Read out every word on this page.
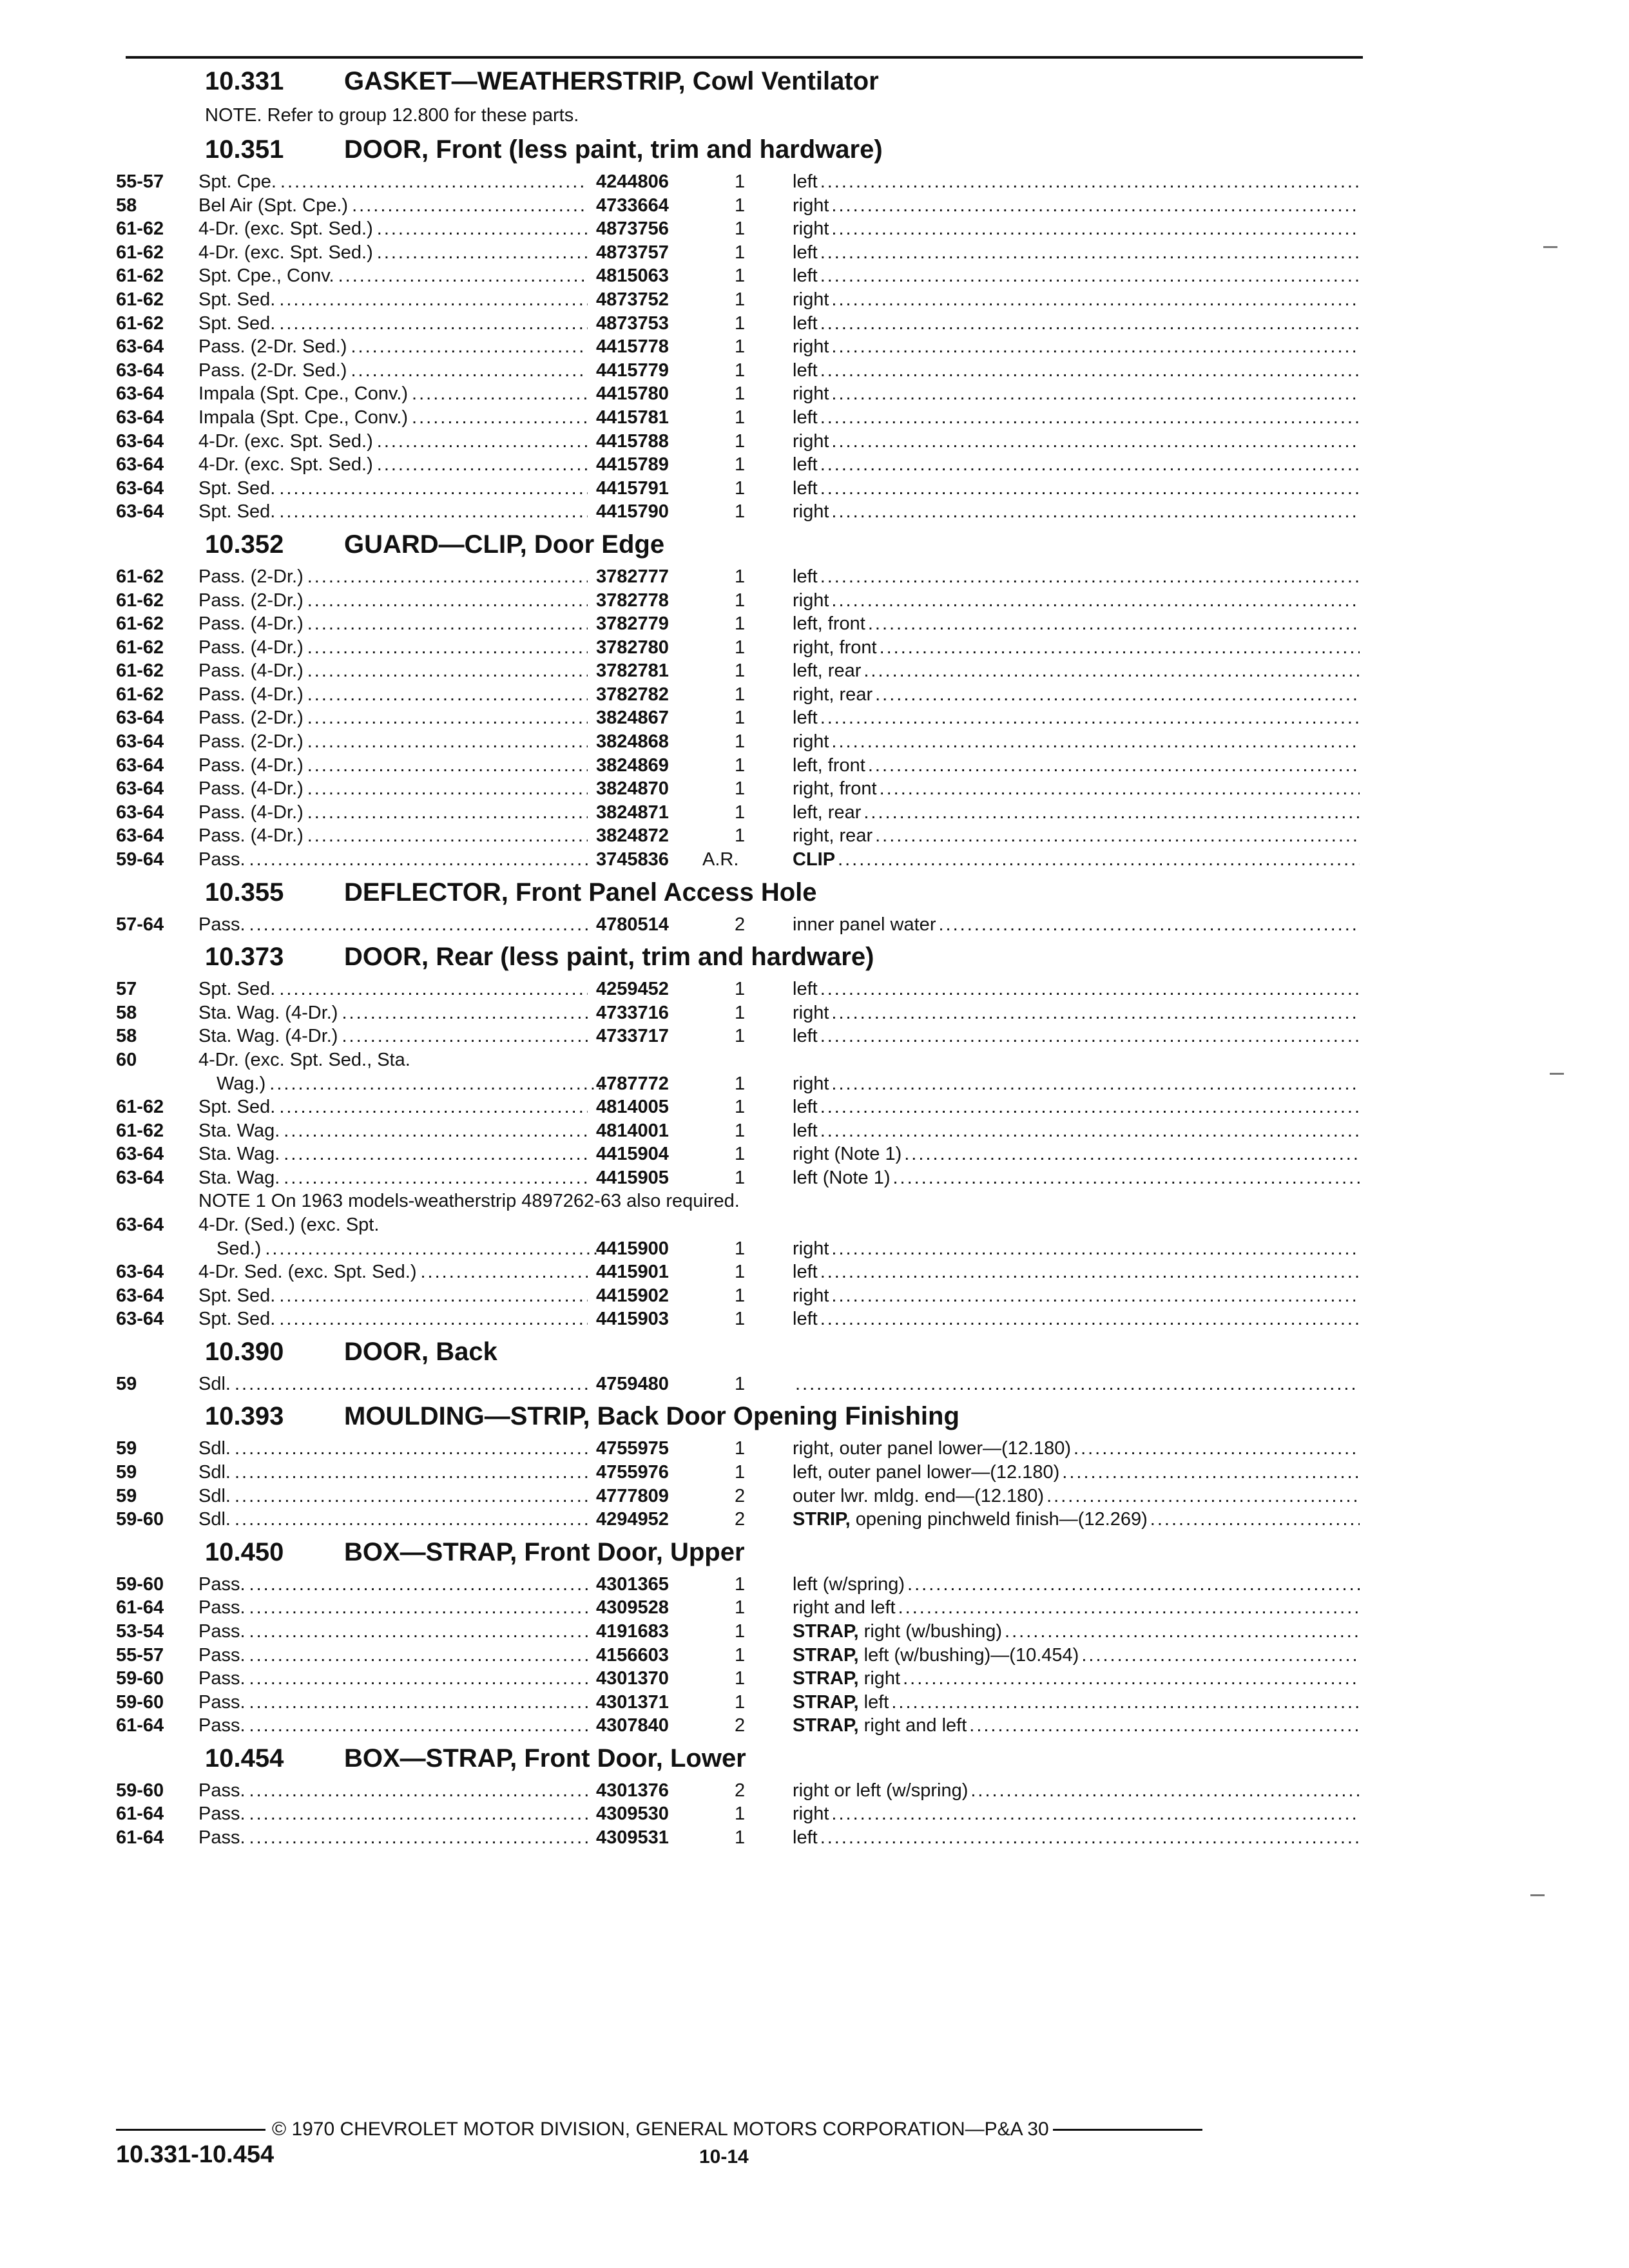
10.331 GASKET—WEATHERSTRIP, Cowl Ventilator
NOTE. Refer to group 12.800 for these parts.
10.351 DOOR, Front (less paint, trim and hardware)
55-57 Spt. Cpe. .....	4244806	1	left
.....
58	Bel Air (Spt. Cpe.) .....	4733664	1	right
.....
61-62 4-Dr. (exc. Spt. Sed.) .....	4873756	1	right
.....
61-62 4-Dr. (exc. Spt. Sed.) .....	4873757	1	left
.....
61-62 Spt. Cpe., Conv. .....	4815063	1	left
.....
61-62 Spt. Sed. .....	4873752	1	right
.....
61-62 Spt. Sed. .....	4873753	1	left
.....
63-64 Pass. (2-Dr. Sed.) .....	4415778	1	right
.....
63-64 Pass. (2-Dr. Sed.) .....	4415779	1	left
.....
63-64 Impala (Spt. Cpe., Conv.) .....	4415780	1	right
.....
63-64 Impala (Spt. Cpe., Conv.) .....	4415781	1	left
.....
63-64 4-Dr. (exc. Spt. Sed.) .....	4415788	1	right
.....
63-64 4-Dr. (exc. Spt. Sed.) .....	4415789	1	left
.....
63-64 Spt. Sed. .....	4415791	1	left
.....
63-64 Spt. Sed. .....	4415790	1	right
.....
10.352 GUARD—CLIP, Door Edge
61-62 Pass. (2-Dr.) .....	3782777	1	left
.....
61-62 Pass. (2-Dr.) .....	3782778	1	right
.....
61-62 Pass. (4-Dr.) .....	3782779	1	left, front
.....
61-62 Pass. (4-Dr.) .....	3782780	1	right, front
.....
61-62 Pass. (4-Dr.) .....	3782781	1	left, rear
.....
61-62 Pass. (4-Dr.) .....	3782782	1	right, rear
.....
63-64 Pass. (2-Dr.) .....	3824867	1	left
.....
63-64 Pass. (2-Dr.) .....	3824868	1	right
.....
63-64 Pass. (4-Dr.) .....	3824869	1	left, front
.....
63-64 Pass. (4-Dr.) .....	3824870	1	right, front
.....
63-64 Pass. (4-Dr.) .....	3824871	1	left, rear
.....
63-64 Pass. (4-Dr.) .....	3824872	1	right, rear
.....
59-64 Pass. .....	3745836 A.R.	CLIP
.....
10.355 DEFLECTOR, Front Panel Access Hole
57-64 Pass. .....	4780514	2	inner panel water
.....
10.373 DOOR, Rear (less paint, trim and hardware)
57	Spt. Sed. .....	4259452	1	left
.....
58	Sta. Wag. (4-Dr.) .....	4733716	1	right
.....
58	Sta. Wag. (4-Dr.) .....	4733717	1	left
.....
60	4-Dr. (exc. Spt. Sed., Sta.
Wag.) .....	4787772	1	right
.....
61-62 Spt. Sed. .....	4814005	1	left
.....
61-62 Sta. Wag. .....	4814001	1	left
.....
63-64 Sta. Wag. .....	4415904	1	right (Note 1)
.....
63-64 Sta. Wag. .....	4415905	1	left (Note 1)
.....
NOTE 1 On 1963 models-weatherstrip 4897262-63 also required.
63-64 4-Dr. (Sed.) (exc. Spt.
Sed.) .....	4415900	1	right
.....
63-64 4-Dr. Sed. (exc. Spt. Sed.) .....	4415901	1	left
.....
63-64 Spt. Sed. .....	4415902	1	right
.....
63-64 Spt. Sed. .....	4415903	1	left
.....
10.390 DOOR, Back
59	Sdl. .....	4759480	1
.....
10.393 MOULDING—STRIP, Back Door Opening Finishing
59	Sdl. .....	4755975	1	right, outer panel lower—(12.180)
.....
59	Sdl. .....	4755976	1	left, outer panel lower—(12.180)
.....
59	Sdl. .....	4777809	2	outer lwr. mldg. end—(12.180)
.....
59-60 Sdl. .....	4294952	2	STRIP, opening pinchweld finish—(12.269)
.....
10.450 BOX—STRAP, Front Door, Upper
59-60 Pass. .....	4301365	1	left (w/spring)
.....
61-64 Pass. .....	4309528	1	right and left
.....
53-54 Pass. .....	4191683	1	STRAP, right (w/bushing)
.....
55-57 Pass. .....	4156603	1	STRAP, left (w/bushing)—(10.454)
.....
59-60 Pass. .....	4301370	1	STRAP, right
.....
59-60 Pass. .....	4301371	1	STRAP, left
.....
61-64 Pass. .....	4307840	2	STRAP, right and left
.....
10.454 BOX—STRAP, Front Door, Lower
59-60 Pass. .....	4301376	2	right or left (w/spring)
.....
61-64 Pass. .....	4309530	1	right
.....
61-64 Pass. .....	4309531	1	left
.....
© 1970 CHEVROLET MOTOR DIVISION, GENERAL MOTORS CORPORATION—P&A 30
10.331-10.454	10-14
